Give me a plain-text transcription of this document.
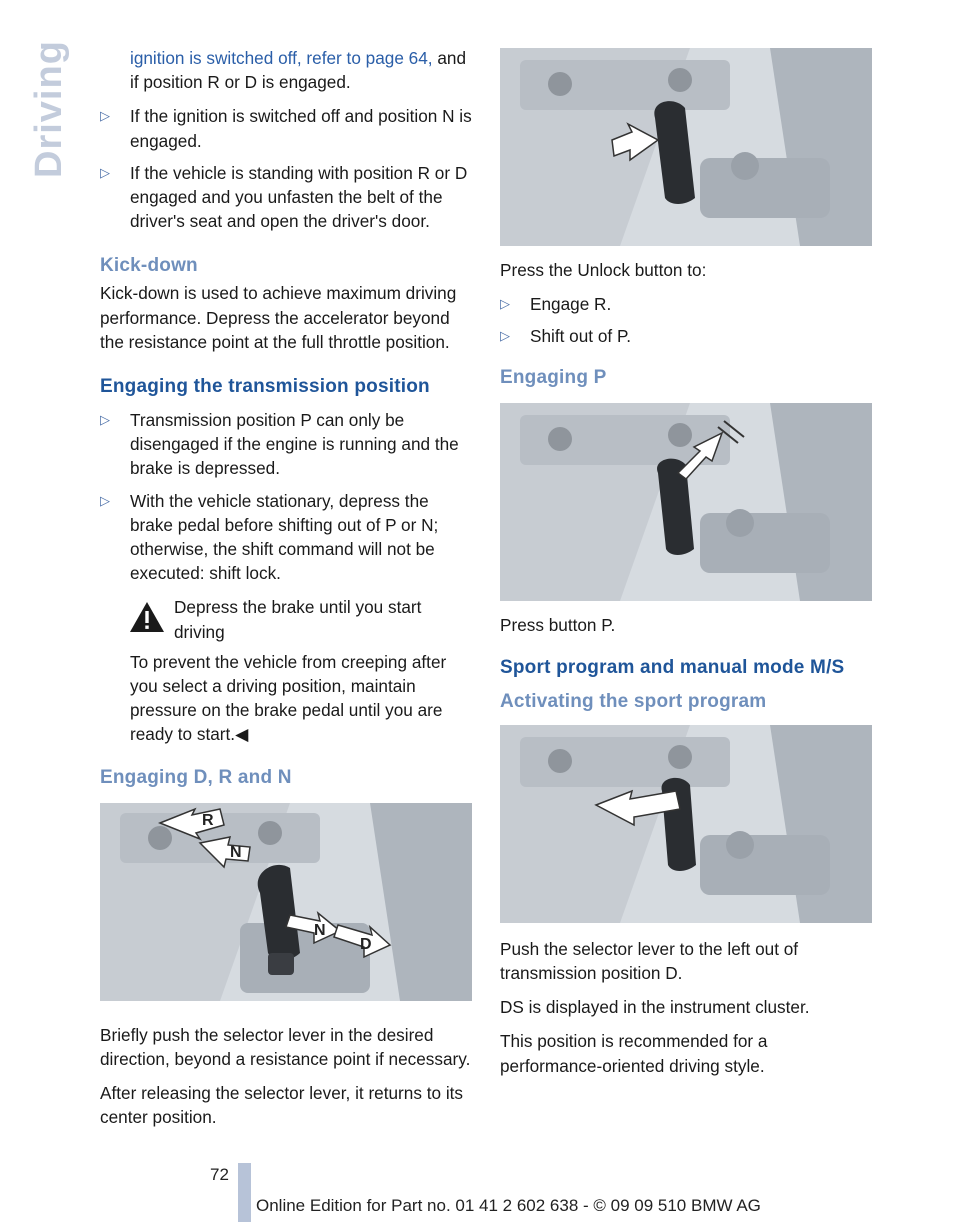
Driving	ignition is switched off, refer to page 64, and if position R or D is engaged.

▷ If the ignition is switched off and position N is engaged.
▷ If the vehicle is standing with position R or D engaged and you unfasten the belt of the driver's seat and open the driver's door.
Kick-down

Kick-down is used to achieve maximum driving performance. Depress the accelerator beyond the resistance point at the full throttle position.

Engaging the transmission position
▷ Transmission position P can only be disengaged if the engine is running and the brake is depressed.
▷ With the vehicle stationary, depress the brake pedal before shifting out of P or N; otherwise, the shift command will not be executed: shift lock.
Depress the brake until you start driving

To prevent the vehicle from creeping after you select a driving position, maintain pressure on the brake pedal until you are ready to start.◀

Engaging D, R and N
R
N
N
D

Briefly push the selector lever in the desired direction, beyond a resistance point if necessary.

After releasing the selector lever, it returns to its center position.

Press the Unlock button to:

▷ Engage R.
▷ Shift out of P.
Engaging P

Press button P.

Sport program and manual mode M/S
Activating the sport program

Push the selector lever to the left out of transmission position D.

DS is displayed in the instrument cluster.

This position is recommended for a performance-oriented driving style.

72
Online Edition for Part no. 01 41 2 602 638 - © 09 09 510 BMW AG
